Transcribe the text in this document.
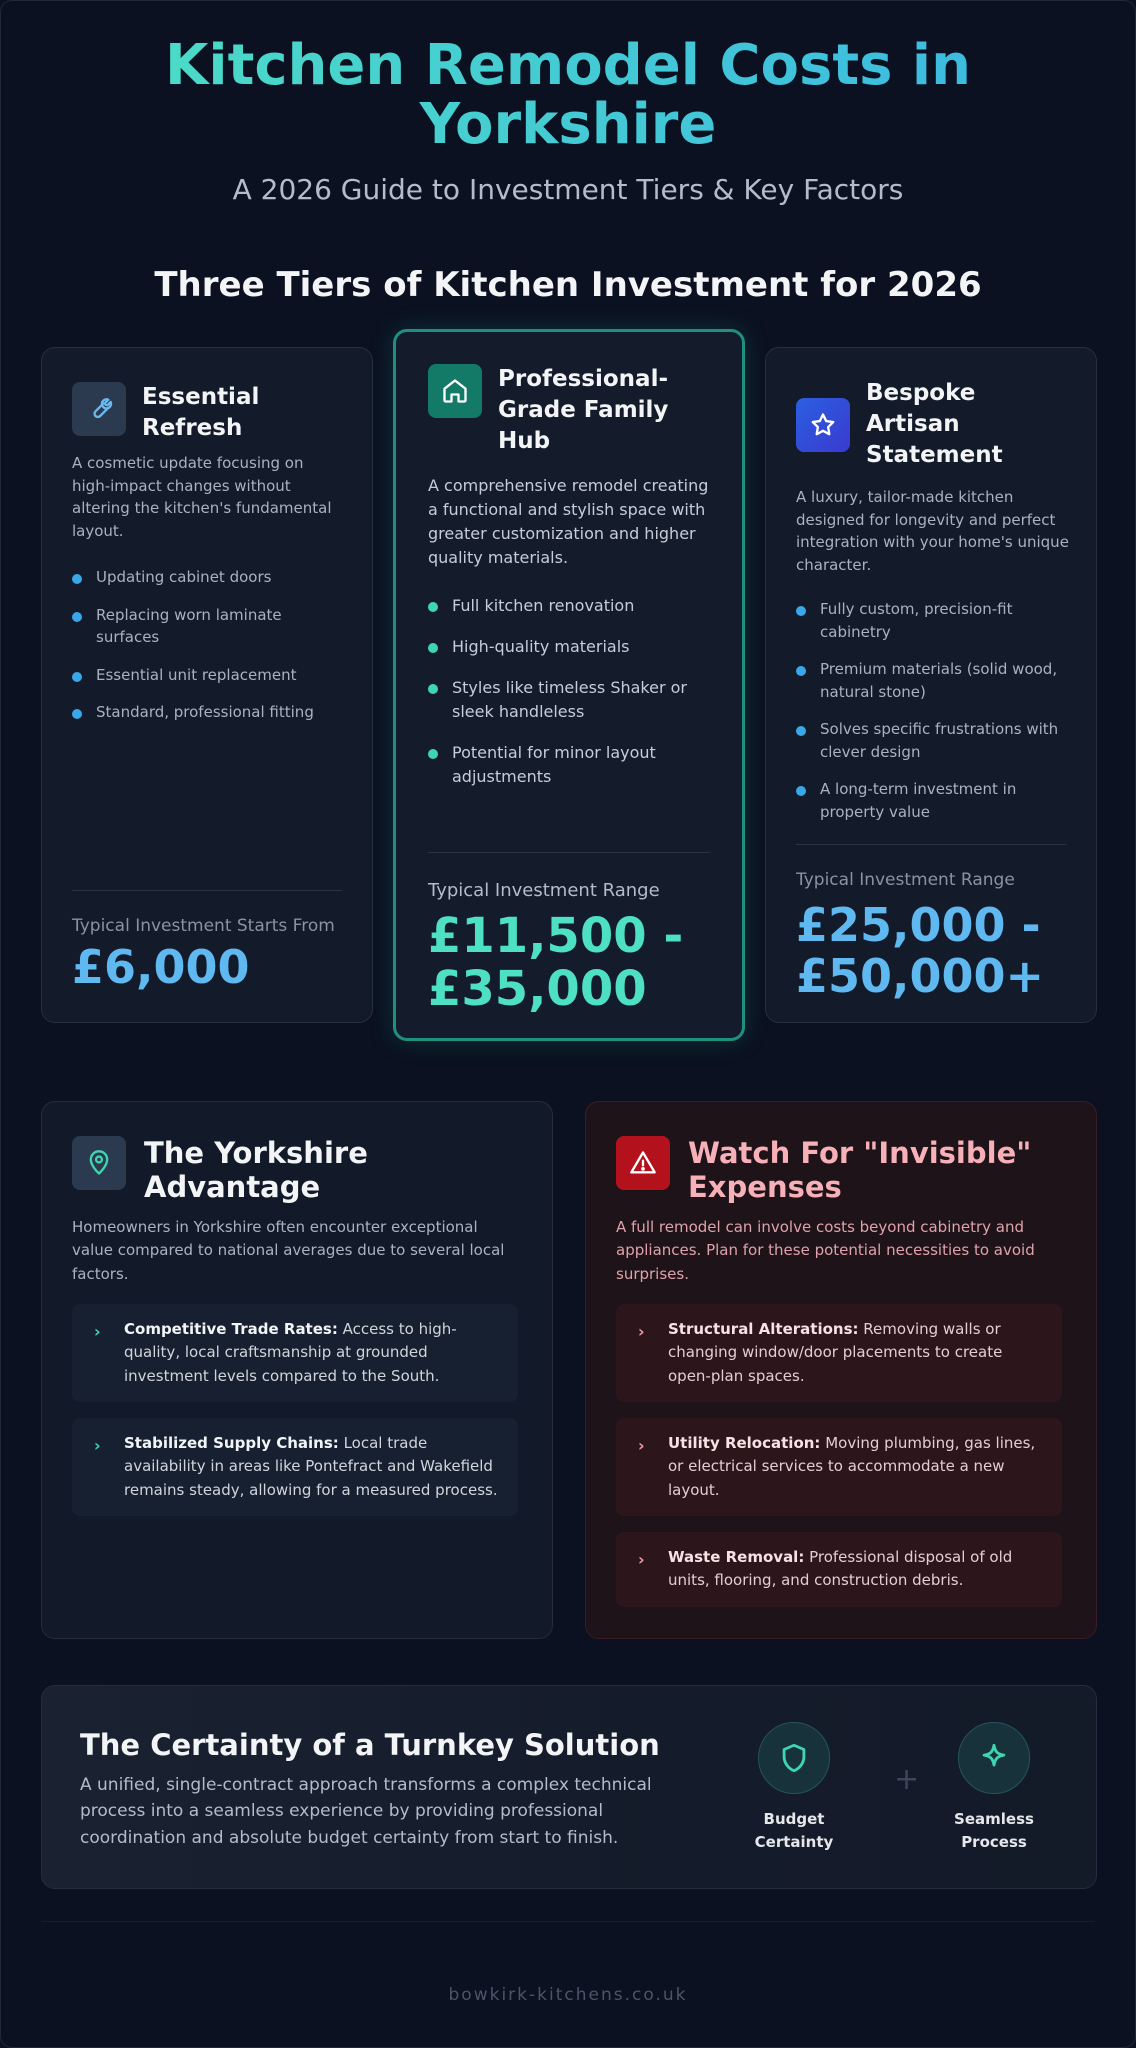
Kitchen Remodel Costs in Yorkshire
A 2026 Guide to Investment Tiers & Key Factors
Three Tiers of Kitchen Investment for 2026
Essential Refresh
A cosmetic update focusing on high-impact changes without altering the kitchen's fundamental layout.
Updating cabinet doors
Replacing worn laminate surfaces
Essential unit replacement
Standard, professional fitting
Typical Investment Starts From
£6,000
Professional-Grade Family Hub
A comprehensive remodel creating a functional and stylish space with greater customization and higher quality materials.
Full kitchen renovation
High-quality materials
Styles like timeless Shaker or sleek handleless
Potential for minor layout adjustments
Typical Investment Range
£11,500 - £35,000
Bespoke Artisan Statement
A luxury, tailor-made kitchen designed for longevity and perfect integration with your home's unique character.
Fully custom, precision-fit cabinetry
Premium materials (solid wood, natural stone)
Solves specific frustrations with clever design
A long-term investment in property value
Typical Investment Range
£25,000 - £50,000+
The Yorkshire Advantage
Homeowners in Yorkshire often encounter exceptional value compared to national averages due to several local factors.
› Competitive Trade Rates: Access to high-quality, local craftsmanship at grounded investment levels compared to the South.
› Stabilized Supply Chains: Local trade availability in areas like Pontefract and Wakefield remains steady, allowing for a measured process.
Watch For "Invisible" Expenses
A full remodel can involve costs beyond cabinetry and appliances. Plan for these potential necessities to avoid surprises.
› Structural Alterations: Removing walls or changing window/door placements to create open-plan spaces.
› Utility Relocation: Moving plumbing, gas lines, or electrical services to accommodate a new layout.
› Waste Removal: Professional disposal of old units, flooring, and construction debris.
The Certainty of a Turnkey Solution
A unified, single-contract approach transforms a complex technical process into a seamless experience by providing professional coordination and absolute budget certainty from start to finish.
Budget Certainty
+
Seamless Process
bowkirk-kitchens.co.uk
